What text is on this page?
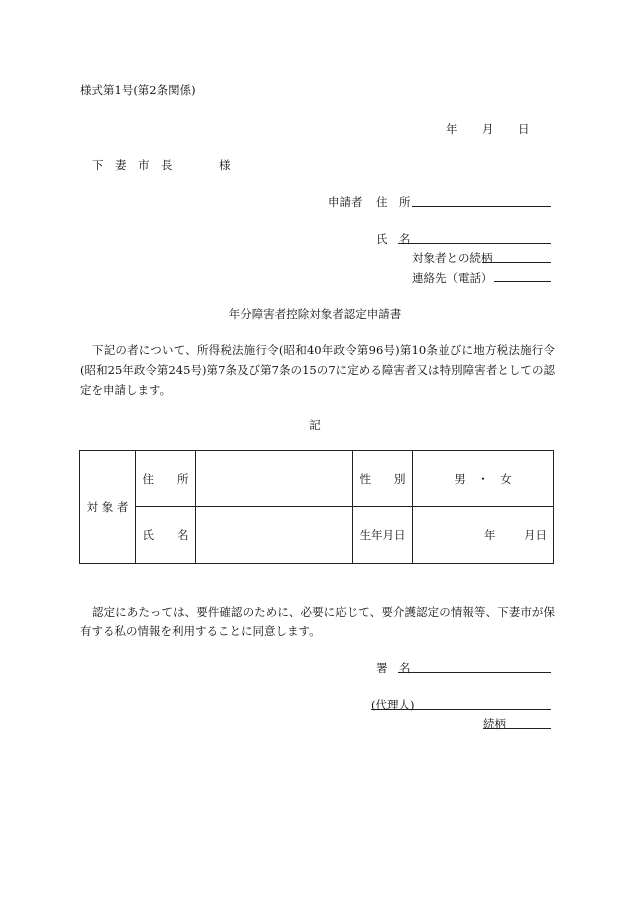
様式第1号(第2条関係)
年 月 日
下　妻　市　長	様
申請者 住　所
氏　名
対象者との続柄
連絡先（電話）
年分障害者控除対象者認定申請書
下記の者について、所得税法施行令(昭和40年政令第96号)第10条並びに地方税法施行令(昭和25年政令第245号)第7条及び第7条の15の7に定める障害者又は特別障害者としての認定を申請します。
記
対 象 者	住　　所		性　　別	男　・　女
	氏　　名		生年月日	年 月日
認定にあたっては、要件確認のために、必要に応じて、要介護認定の情報等、下妻市が保有する私の情報を利用することに同意します。
署　名
(代理人)
続柄
